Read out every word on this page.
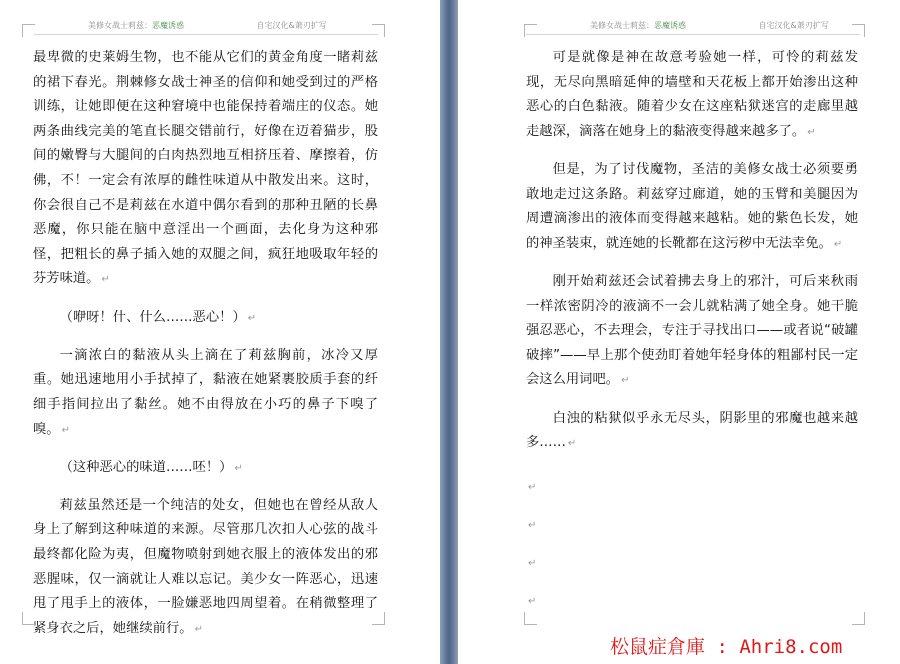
美修女战士莉兹：恶魔诱惑	自宅汉化&萧刃扩写

最卑微的史莱姆生物，也不能从它们的黄金角度一睹莉兹的裙下春光。荆棘修女战士神圣的信仰和她受到过的严格训练，让她即便在这种窘境中也能保持着端庄的仪态。她两条曲线完美的笔直长腿交错前行，好像在迈着猫步，股间的嫩臀与大腿间的白肉热烈地互相挤压着、摩擦着，仿佛，不！一定会有浓厚的雌性味道从中散发出来。这时，你会很自己不是莉兹在水道中偶尔看到的那种丑陋的长鼻恶魔，你只能在脑中意淫出一个画面，去化身为这种邪怪，把粗长的鼻子插入她的双腿之间，疯狂地吸取年轻的芬芳味道。 ↵

（咿呀！什、什么……恶心！） ↵

一滴浓白的黏液从头上滴在了莉兹胸前，冰冷又厚重。她迅速地用小手拭掉了，黏液在她紧裹胶质手套的纤细手指间拉出了黏丝。她不由得放在小巧的鼻子下嗅了嗅。 ↵

（这种恶心的味道……呸！） ↵

莉兹虽然还是一个纯洁的处女，但她也在曾经从敌人身上了解到这种味道的来源。尽管那几次扣人心弦的战斗最终都化险为夷，但魔物喷射到她衣服上的液体发出的邪恶腥味，仅一滴就让人难以忘记。美少女一阵恶心，迅速甩了甩手上的液体，一脸嫌恶地四周望着。在稍微整理了紧身衣之后，她继续前行。 ↵

美修女战士莉兹：恶魔诱惑	自宅汉化&萧刃扩写

可是就像是神在故意考验她一样，可怜的莉兹发现，无尽向黑暗延伸的墙壁和天花板上都开始渗出这种恶心的白色黏液。随着少女在这座粘狱迷宫的走廊里越走越深，滴落在她身上的黏液变得越来越多了。 ↵

但是，为了讨伐魔物，圣洁的美修女战士必须要勇敢地走过这条路。莉兹穿过廊道，她的玉臂和美腿因为周遭滴渗出的液体而变得越来越粘。她的紫色长发，她的神圣装束，就连她的长靴都在这污秽中无法幸免。 ↵

刚开始莉兹还会试着拂去身上的邪汁，可后来秋雨一样浓密阴冷的液滴不一会儿就粘满了她全身。她干脆强忍恶心，不去理会，专注于寻找出口——或者说“破罐破摔”——早上那个使劲盯着她年轻身体的粗鄙村民一定会这么用词吧。 ↵

白浊的粘狱似乎永无尽头，阴影里的邪魔也越来越多…… ↵

↵
↵
↵
↵
松鼠症倉庫 : Ahri8.com
